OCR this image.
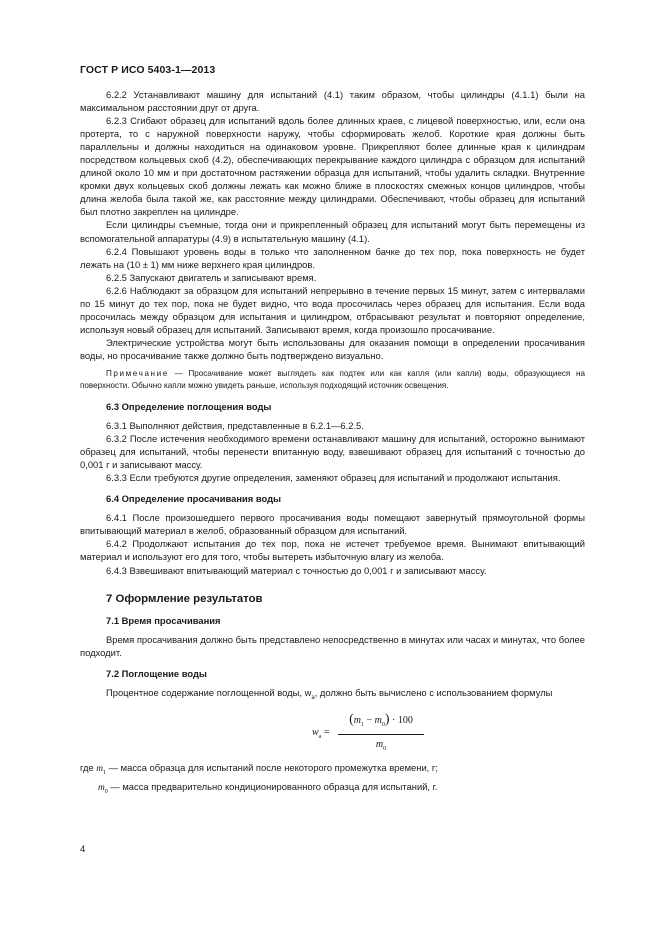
ГОСТ Р ИСО 5403-1—2013

6.2.2 Устанавливают машину для испытаний (4.1) таким образом, чтобы цилиндры (4.1.1) были на максимальном расстоянии друг от друга.

6.2.3 Сгибают образец для испытаний вдоль более длинных краев, с лицевой поверхностью, или, если она протерта, то с наружной поверхности наружу, чтобы сформировать желоб. Короткие края должны быть параллельны и должны находиться на одинаковом уровне. Прикрепляют более длинные края к цилиндрам посредством кольцевых скоб (4.2), обеспечивающих перекрывание каждого цилиндра с образцом для испытаний длиной около 10 мм и при достаточном растяжении образца для испытаний, чтобы удалить складки. Внутренние кромки двух кольцевых скоб должны лежать как можно ближе в плоскостях смежных концов цилиндров, чтобы длина желоба была такой же, как расстояние между цилиндрами. Обеспечивают, чтобы образец для испытаний был плотно закреплен на цилиндре.

Если цилиндры съемные, тогда они и прикрепленный образец для испытаний могут быть перемещены из вспомогательной аппаратуры (4.9) в испытательную машину (4.1).

6.2.4 Повышают уровень воды в только что заполненном бачке до тех пор, пока поверхность не будет лежать на (10 ± 1) мм ниже верхнего края цилиндров.

6.2.5 Запускают двигатель и записывают время.

6.2.6 Наблюдают за образцом для испытаний непрерывно в течение первых 15 минут, затем с интервалами по 15 минут до тех пор, пока не будет видно, что вода просочилась через образец для испытания. Если вода просочилась между образцом для испытания и цилиндром, отбрасывают результат и повторяют определение, используя новый образец для испытаний. Записывают время, когда произошло просачивание.

Электрические устройства могут быть использованы для оказания помощи в определении просачивания воды, но просачивание также должно быть подтверждено визуально.

Примечание — Просачивание может выглядеть как подтек или как капля (или капли) воды, образующиеся на поверхности. Обычно капли можно увидеть раньше, используя подходящий источник освещения.

6.3 Определение поглощения воды

6.3.1 Выполняют действия, представленные в 6.2.1—6.2.5.

6.3.2 После истечения необходимого времени останавливают машину для испытаний, осторожно вынимают образец для испытаний, чтобы перенести впитанную воду, взвешивают образец для испытаний с точностью до 0,001 г и записывают массу.

6.3.3 Если требуются другие определения, заменяют образец для испытаний и продолжают испытания.

6.4 Определение просачивания воды

6.4.1 После произошедшего первого просачивания воды помещают завернутый прямоугольной формы впитывающий материал в желоб, образованный образцом для испытаний.

6.4.2 Продолжают испытания до тех пор, пока не истечет требуемое время. Вынимают впитывающий материал и используют его для того, чтобы вытереть избыточную влагу из желоба.

6.4.3 Взвешивают впитывающий материал с точностью до 0,001 г и записывают массу.

7 Оформление результатов
7.1 Время просачивания

Время просачивания должно быть представлено непосредственно в минутах или часах и минутах, что более подходит.

7.2 Поглощение воды

Процентное содержание поглощенной воды, $w_a$, должно быть вычислено с использованием формулы

$w_a$ =
$(m_1 - m_0) \cdot 100$
$m_0$

где $m_1$ — масса образца для испытаний после некоторого промежутка времени, г;

$m_0$ — масса предварительно кондиционированного образца для испытаний, г.

4
